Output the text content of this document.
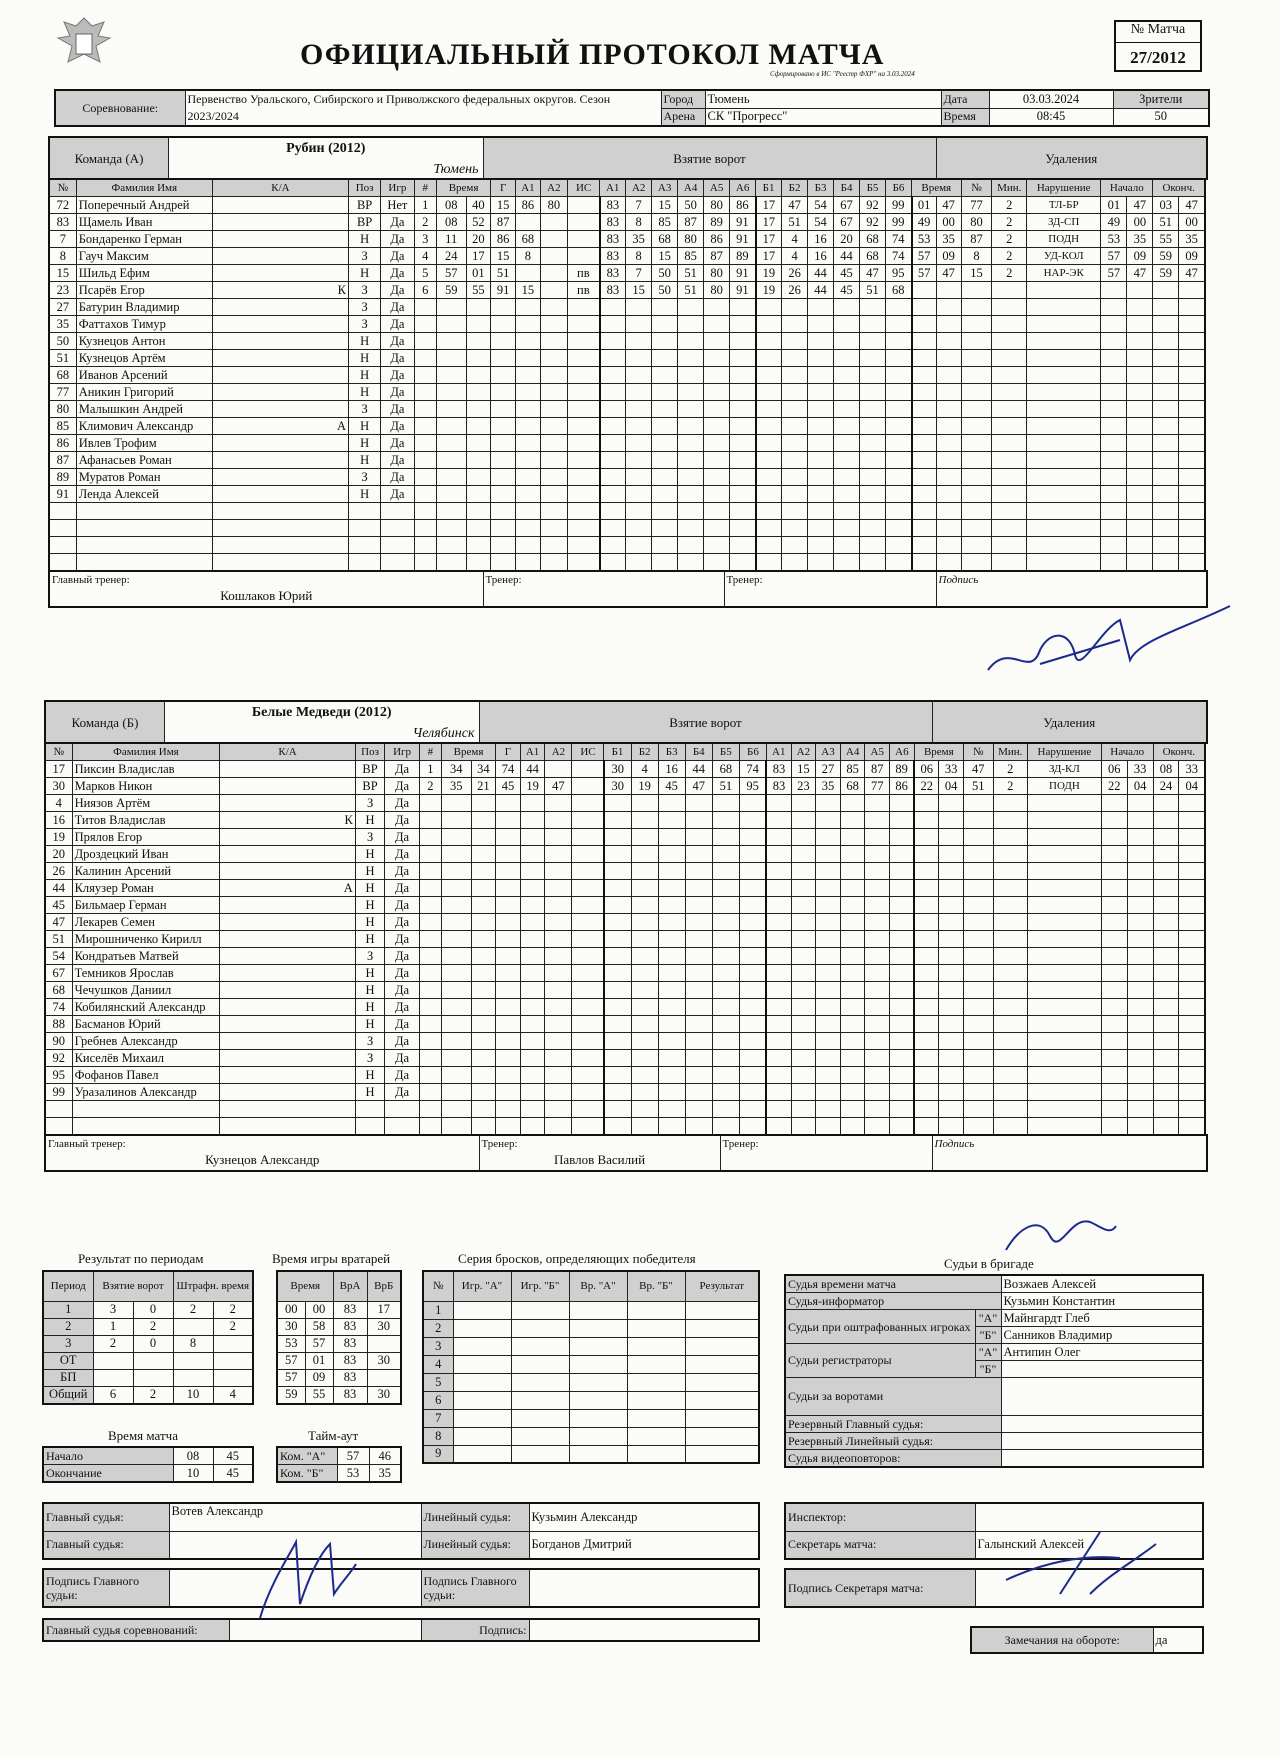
ОФИЦИАЛЬНЫЙ ПРОТОКОЛ МАТЧА
Сформировано в ИС "Реестр ФХР" на 3.03.2024
№ Матча
27/2012
Соревнование:	Первенство Уральского, Сибирского и Приволжского федеральных округов. Сезон 2023/2024	Город	Тюмень	Дата	03.03.2024	Зрители
		Арена	СК "Прогресс"	Время	08:45	50
Команда (А)
Рубин (2012)
Тюмень
	Взятие ворот	Удаления
№	Фамилия Имя	К/А	Поз	Игр	#	Время		Г	А1	А2	ИС	А1	А2	А3	А4	А5	А6	Б1	Б2	Б3	Б4	Б5	Б6	Время		№	Мин.	Нарушение	Начало		Оконч.	
72	Поперечный Андрей		ВР	Нет	1	08	40	15	86	80		83	7	15	50	80	86	17	47	54	67	92	99	01	47	77	2	ТЛ-БР	01	47	03	47
83	Щамель Иван		ВР	Да	2	08	52	87				83	8	85	87	89	91	17	51	54	67	92	99	49	00	80	2	ЗД-СП	49	00	51	00
7	Бондаренко Герман		Н	Да	3	11	20	86	68			83	35	68	80	86	91	17	4	16	20	68	74	53	35	87	2	ПОДН	53	35	55	35
8	Гауч Максим		З	Да	4	24	17	15	8			83	8	15	85	87	89	17	4	16	44	68	74	57	09	8	2	УД-КОЛ	57	09	59	09
15	Шильд Ефим		Н	Да	5	57	01	51			пв	83	7	50	51	80	91	19	26	44	45	47	95	57	47	15	2	НАР-ЭК	57	47	59	47
23	Псарёв Егор	К	З	Да	6	59	55	91	15		пв	83	15	50	51	80	91	19	26	44	45	51	68									
27	Батурин Владимир		З	Да																												
35	Фаттахов Тимур		З	Да																												
50	Кузнецов Антон		Н	Да																												
51	Кузнецов Артём		Н	Да																												
68	Иванов Арсений		Н	Да																												
77	Аникин Григорий		Н	Да																												
80	Малышкин Андрей		З	Да																												
85	Климович Александр	А	Н	Да																												
86	Ивлев Трофим		Н	Да																												
87	Афанасьев Роман		Н	Да																												
89	Муратов Роман		З	Да																												
91	Ленда Алексей		Н	Да																												

Главный тренер:
Кошлаков Юрий

Тренер:	Тренер:	Подпись
Команда (Б)
Белые Медведи (2012)
Челябинск
	Взятие ворот	Удаления
№	Фамилия Имя	К/А	Поз	Игр	#	Время		Г	А1	А2	ИС	Б1	Б2	Б3	Б4	Б5	Б6	А1	А2	А3	А4	А5	А6	Время		№	Мин.	Нарушение	Начало		Оконч.	
17	Пиксин Владислав		ВР	Да	1	34	34	74	44			30	4	16	44	68	74	83	15	27	85	87	89	06	33	47	2	ЗД-КЛ	06	33	08	33
30	Марков Никон		ВР	Да	2	35	21	45	19	47		30	19	45	47	51	95	83	23	35	68	77	86	22	04	51	2	ПОДН	22	04	24	04
4	Ниязов Артём		З	Да																												
16	Титов Владислав	К	Н	Да																												
19	Прялов Егор		З	Да																												
20	Дроздецкий Иван		Н	Да																												
26	Калинин Арсений		Н	Да																												
44	Кляузер Роман	А	Н	Да																												
45	Бильмаер Герман		Н	Да																												
47	Лекарев Семен		Н	Да																												
51	Мирошниченко Кирилл		Н	Да																												
54	Кондратьев Матвей		З	Да																												
67	Темников Ярослав		Н	Да																												
68	Чечушков Даниил		Н	Да																												
74	Кобилянский Александр		Н	Да																												
88	Басманов Юрий		Н	Да																												
90	Гребнев Александр		З	Да																												
92	Киселёв Михаил		З	Да																												
95	Фофанов Павел		Н	Да																												
99	Уразалинов Александр		Н	Да																												

Главный тренер:
Кузнецов Александр

Тренер:
Павлов Василий

Тренер:	Подпись
Результат по периодам
Период	Взятие ворот		Штрафн. время	
1	3	0	2	2
2	1	2		2
3	2	0	8	
ОТ				
БП				
Общий	6	2	10	4
Время игры вратарей
Время		ВрА	ВрБ
00	00	83	17
30	58	83	30
53	57	83	
57	01	83	30
57	09	83	
59	55	83	30
Время матча
Начало	08	45
Окончание	10	45
Тайм-аут
Ком. "А"	57	46
Ком. "Б"	53	35
Серия бросков, определяющих победителя
№	Игр. "А"	Игр. "Б"	Вр. "А"	Вр. "Б"	Результат
1					
2					
3					
4					
5					
6					
7					
8					
9					
Судьи в бригаде
Судья времени матча		Возжаев Алексей
Судья-информатор		Кузьмин Константин
Судьи при оштрафованных игроках	"А"	Майнгардт Глеб
	"Б"	Санников Владимир
Судьи регистраторы	"А"	Антипин Олег
	"Б"	
Судьи за воротами		
Резервный Главный судья:		
Резервный Линейный судья:		
Судья видеоповторов:		
Главный судья:	Вотев Александр	Линейный судья:	Кузьмин Александр
Главный судья:		Линейный судья:	Богданов Дмитрий
Подпись Главного судьи:		Подпись Главного судьи:	
Главный судья соревнований:		Подпись:	
Инспектор:	
Секретарь матча:	Галынский Алексей
Подпись Секретаря матча:	
Замечания на обороте:	да
